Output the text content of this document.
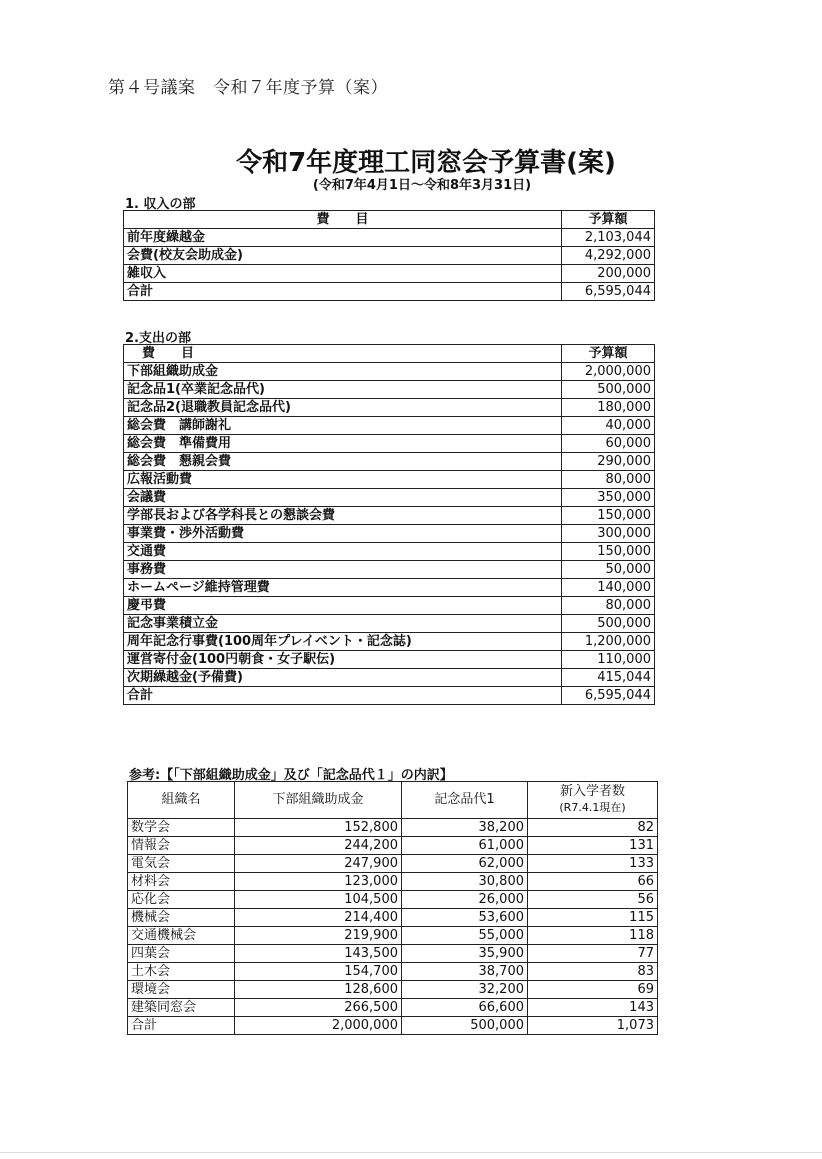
第４号議案　令和７年度予算（案）
令和7年度理工同窓会予算書(案)
(令和7年4月1日～令和8年3月31日)
1. 収入の部
費　　目	予算額
前年度繰越金	2,103,044
会費(校友会助成金)	4,292,000
雑収入	200,000
合計	6,595,044
2.支出の部
費　　目	予算額
下部組織助成金	2,000,000
記念品1(卒業記念品代)	500,000
記念品2(退職教員記念品代)	180,000
総会費　講師謝礼	40,000
総会費　準備費用	60,000
総会費　懇親会費	290,000
広報活動費	80,000
会議費	350,000
学部長および各学科長との懇談会費	150,000
事業費・渉外活動費	300,000
交通費	150,000
事務費	50,000
ホームページ維持管理費	140,000
慶弔費	80,000
記念事業積立金	500,000
周年記念行事費(100周年プレイベント・記念誌)	1,200,000
運営寄付金(100円朝食・女子駅伝)	110,000
次期繰越金(予備費)	415,044
合計	6,595,044
参考:【「下部組織助成金」及び「記念品代１」の内訳】
組織名	下部組織助成金	記念品代1	新入学者数
(R7.4.1現在)

数学会	152,800	38,200	82
情報会	244,200	61,000	131
電気会	247,900	62,000	133
材料会	123,000	30,800	66
応化会	104,500	26,000	56
機械会	214,400	53,600	115
交通機械会	219,900	55,000	118
四葉会	143,500	35,900	77
土木会	154,700	38,700	83
環境会	128,600	32,200	69
建築同窓会	266,500	66,600	143
合計	2,000,000	500,000	1,073
